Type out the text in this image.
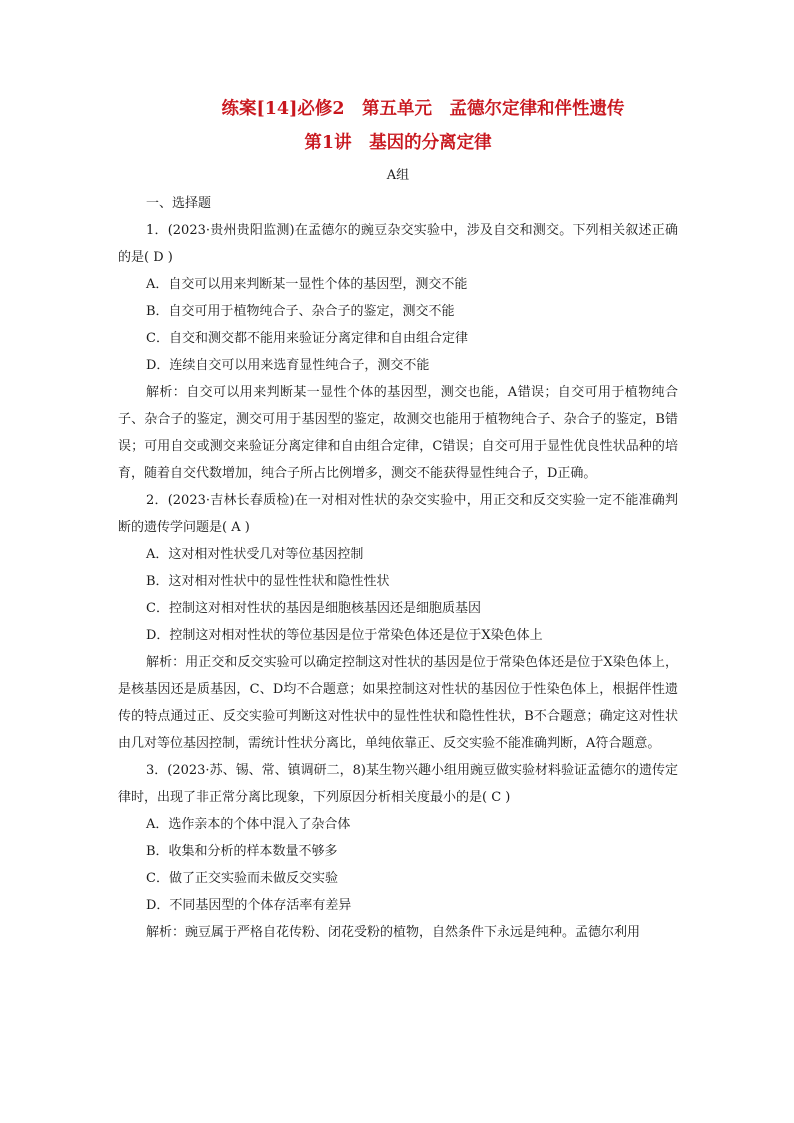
练案[14]必修2　第五单元　孟德尔定律和伴性遗传
第1讲　基因的分离定律
A组
一、选择题
1．(2023·贵州贵阳监测)在孟德尔的豌豆杂交实验中，涉及自交和测交。下列相关叙述正确的是( D )
A．自交可以用来判断某一显性个体的基因型，测交不能
B．自交可用于植物纯合子、杂合子的鉴定，测交不能
C．自交和测交都不能用来验证分离定律和自由组合定律
D．连续自交可以用来选育显性纯合子，测交不能
解析：自交可以用来判断某一显性个体的基因型，测交也能，A错误；自交可用于植物纯合子、杂合子的鉴定，测交可用于基因型的鉴定，故测交也能用于植物纯合子、杂合子的鉴定，B错误；可用自交或测交来验证分离定律和自由组合定律，C错误；自交可用于显性优良性状品种的培育，随着自交代数增加，纯合子所占比例增多，测交不能获得显性纯合子，D正确。
2．(2023·吉林长春质检)在一对相对性状的杂交实验中，用正交和反交实验一定不能准确判断的遗传学问题是( A )
A．这对相对性状受几对等位基因控制
B．这对相对性状中的显性性状和隐性性状
C．控制这对相对性状的基因是细胞核基因还是细胞质基因
D．控制这对相对性状的等位基因是位于常染色体还是位于X染色体上
解析：用正交和反交实验可以确定控制这对性状的基因是位于常染色体还是位于X染色体上，是核基因还是质基因，C、D均不合题意；如果控制这对性状的基因位于性染色体上，根据伴性遗传的特点通过正、反交实验可判断这对性状中的显性性状和隐性性状，B不合题意；确定这对性状由几对等位基因控制，需统计性状分离比，单纯依靠正、反交实验不能准确判断，A符合题意。
3．(2023·苏、锡、常、镇调研二，8)某生物兴趣小组用豌豆做实验材料验证孟德尔的遗传定律时，出现了非正常分离比现象，下列原因分析相关度最小的是( C )
A．选作亲本的个体中混入了杂合体
B．收集和分析的样本数量不够多
C．做了正交实验而未做反交实验
D．不同基因型的个体存活率有差异
解析：豌豆属于严格自花传粉、闭花受粉的植物，自然条件下永远是纯种。孟德尔利用
